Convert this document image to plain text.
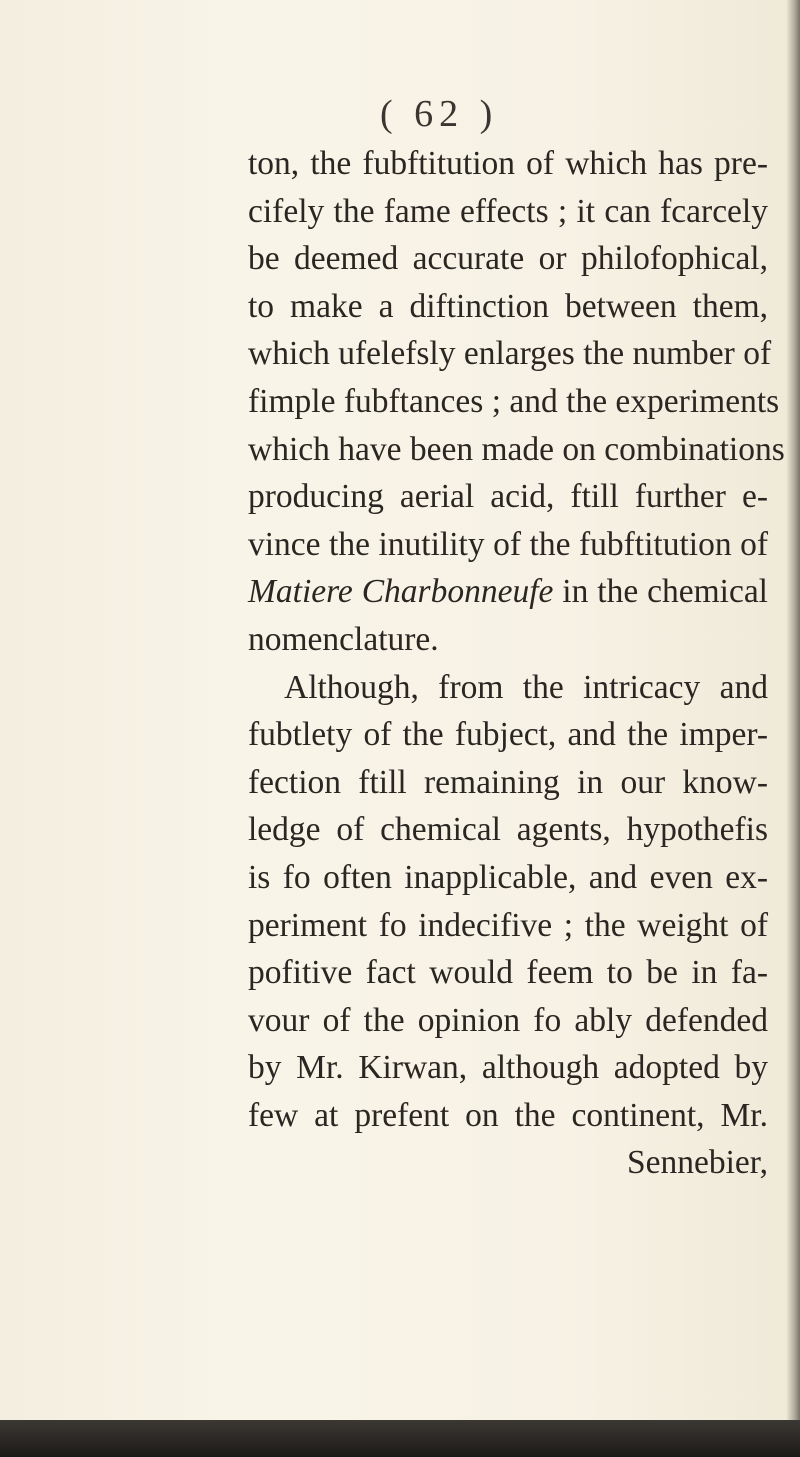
( 62 )
ton, the fubftitution of which has pre-
cifely the fame effects ; it can fcarcely
be deemed accurate or philofophical,
to make a diftinction between them,
which ufelefsly enlarges the number of
fimple fubftances ; and the experiments
which have been made on combinations
producing aerial acid, ftill further e-
vince the inutility of the fubftitution of
Matiere Charbonneufe in the chemical
nomenclature.
Although, from the intricacy and
fubtlety of the fubject, and the imper-
fection ftill remaining in our know-
ledge of chemical agents, hypothefis
is fo often inapplicable, and even ex-
periment fo indecifive ; the weight of
pofitive fact would feem to be in fa-
vour of the opinion fo ably defended
by Mr. Kirwan, although adopted by
few at prefent on the continent, Mr.
Sennebier,
